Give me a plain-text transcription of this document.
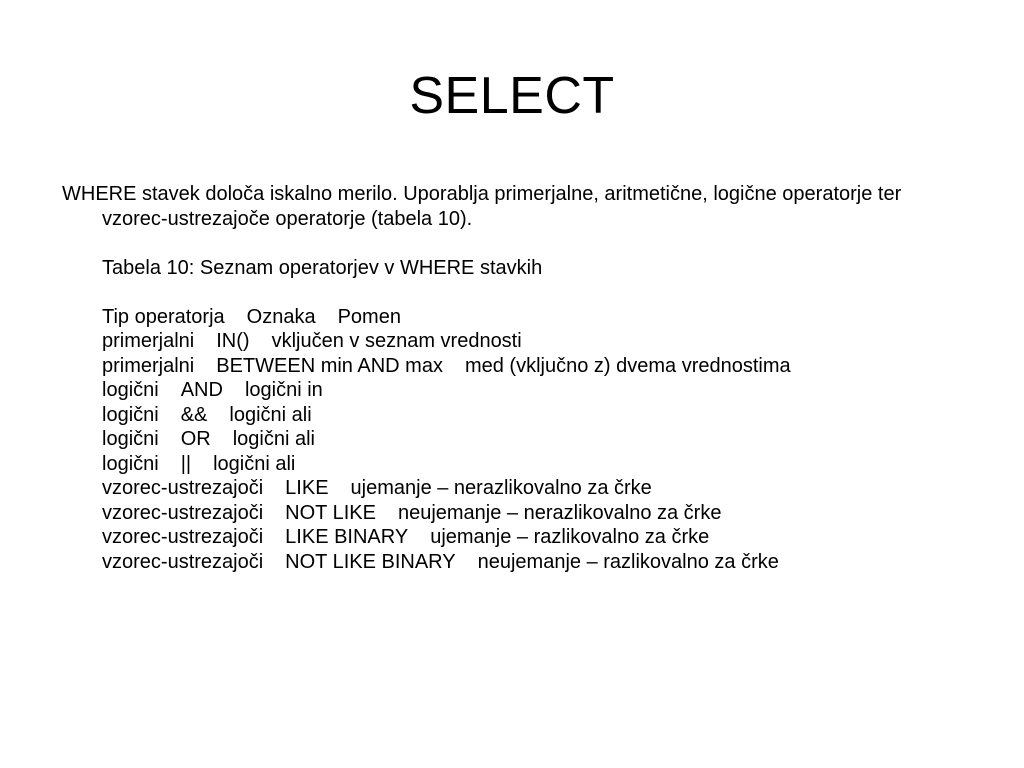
SELECT

WHERE stavek določa iskalno merilo. Uporablja primerjalne, aritmetične, logične operatorje ter vzorec-ustrezajoče operatorje (tabela 10).

Tabela 10: Seznam operatorjev v WHERE stavkih

Tip operatorja Oznaka Pomen
primerjalni IN() vključen v seznam vrednosti
primerjalni BETWEEN min AND max med (vključno z) dvema vrednostima
logični AND logični in
logični && logični ali
logični OR logični ali
logični || logični ali
vzorec-ustrezajoči LIKE ujemanje – nerazlikovalno za črke
vzorec-ustrezajoči NOT LIKE neujemanje – nerazlikovalno za črke
vzorec-ustrezajoči LIKE BINARY ujemanje – razlikovalno za črke
vzorec-ustrezajoči NOT LIKE BINARY neujemanje – razlikovalno za črke
